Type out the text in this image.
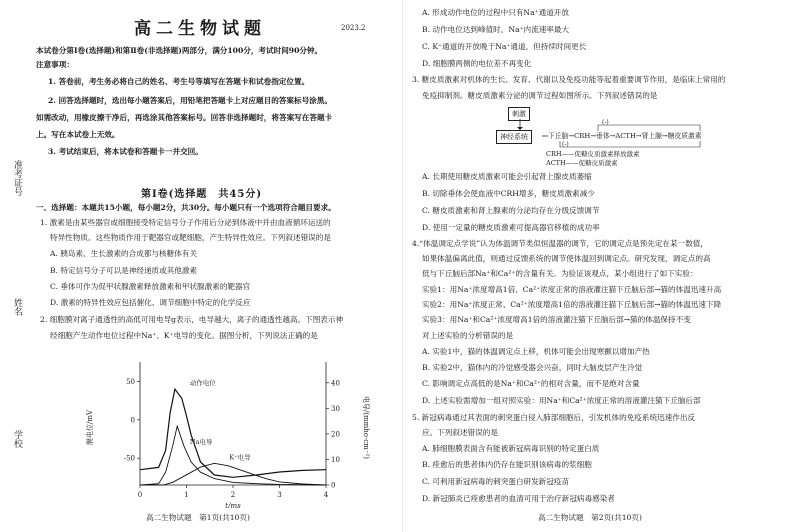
准考证号
姓名
学校
高二生物试题	2023.2
本试卷分第Ⅰ卷(选择题)和第Ⅱ卷(非选择题)两部分，满分100分，考试时间90分钟。
注意事项：
1. 答卷前，考生务必将自己的姓名、考生号等填写在答题卡和试卷指定位置。
2. 回答选择题时，选出每小题答案后，用铅笔把答题卡上对应题目的答案标号涂黑。
如需改动，用橡皮擦干净后，再选涂其他答案标号。回答非选择题时，将答案写在答题卡
上。写在本试卷上无效。
3. 考试结束后，将本试卷和答题卡一并交回。
第Ⅰ卷(选择题　共45分)
一、选择题：本题共15小题，每小题2分，共30分。每小题只有一个选项符合题目要求。
1. 激素是由某些器官或细胞接受特定信号分子作用后分泌到体液中并由血液循环运送的
特异性物质。这些物质作用于靶器官或靶细胞，产生特异性效应。下列叙述错误的是
A. 胰岛素、生长激素的合成都与核糖体有关
B. 特定信号分子可以是神经递质或其他激素
C. 垂体可作为促甲状腺激素释放激素和甲状腺激素的靶器官
D. 激素的特异性效应包括催化、调节细胞中特定的化学反应
2. 细胞膜对离子通透性的高低可用电导g表示，电导越大，离子的通透性越高。下图表示神
经细胞产生动作电位过程中Na⁺、K⁺电导的变化。据图分析，下列说法正确的是
0	1	2	3	4
-50
0
50
0
10
20
30
40
t/ms
膜电位/mV	电导/(mmho·cm⁻²)
动作电位
Na电导
K⁺电导
高二生物试题　第1页(共10页)
A. 形成动作电位的过程中只有Na⁺通道开放
B. 动作电位达到峰值时，Na⁺内流速率最大
C. K⁺通道的开放晚于Na⁺通道，但持续时间更长
D. 细胞膜两侧的电位差不再变化
3. 糖皮质激素对机体的生长、发育、代谢以及免疫功能等起着重要调节作用，是临床上常用的
免疫抑制剂。糖皮质激素分泌的调节过程如图所示。下列叙述错误的是
刺激
神经系统	下丘脑→CRH→垂体→ACTH→肾上腺→糖皮质激素
(-)
(-)
CRH——促糖皮质激素释放激素
ACTH——促糖皮质激素
A. 长期使用糖皮质激素可能会引起肾上腺皮质萎缩
B. 切除垂体会使血液中CRH增多，糖皮质激素减少
C. 糖皮质激素和肾上腺素的分泌均存在分级反馈调节
D. 使用一定量的糖皮质激素可提高器官移植的成功率
4.“体温调定点学说”认为体温调节类似恒温器的调节，它的调定点是预先定在某一数值，
如果体温偏离此值，则通过反馈系统的调节使体温回到调定点。研究发现，调定点的高
低与下丘脑后部Na⁺和Ca²⁺的含量有关。为验证该观点，某小组进行了如下实验：
实验1：用Na⁺浓度增高1倍、Ca²⁺浓度正常的溶液灌注猫下丘脑后部→猫的体温迅速升高
实验2：用Na⁺浓度正常、Ca²⁺浓度增高1倍的溶液灌注猫下丘脑后部→猫的体温迅速下降
实验3：用Na⁺和Ca²⁺浓度增高1倍的溶液灌注猫下丘脑后部→猫的体温保持不变
对上述实验的分析错误的是
A. 实验1中，猫的体温调定点上移，机体可能会出现寒颤以增加产热
B. 实验2中，猫体内的冷觉感受器会兴奋，同时大脑皮层产生冷觉
C. 影响调定点高低的是Na⁺和Ca²⁺的相对含量，而不是绝对含量
D. 上述实验需增加一组对照实验：用Na⁺和Ca²⁺浓度正常的溶液灌注猫下丘脑后部
5. 新冠病毒通过其表面的刺突蛋白侵入肺部细胞后，引发机体的免疫系统迅速作出反
应。下列叙述错误的是
A. 肺细胞膜表面含有能被新冠病毒识别的特定蛋白质
B. 痊愈后的患者体内仍存在能识别该病毒的浆细胞
C. 可利用新冠病毒的刺突蛋白研发新冠疫苗
D. 新冠肺炎已痊愈患者的血清可用于治疗新冠病毒感染者
高二生物试题　第2页(共10页)
